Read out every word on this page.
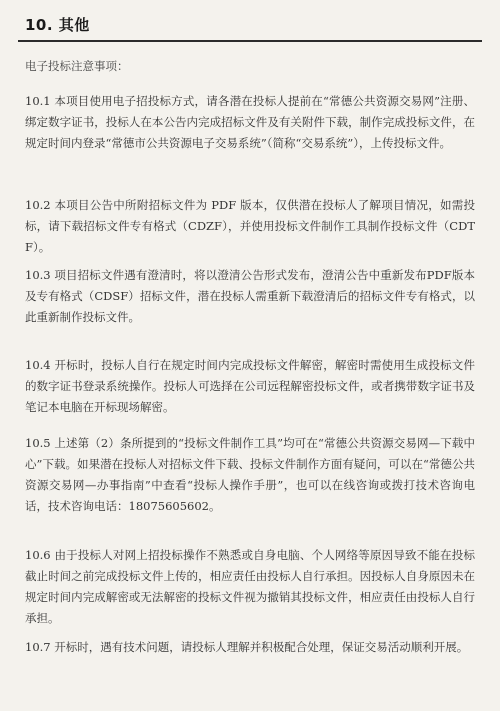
10. 其他
电子投标注意事项：
10.1 本项目使用电子招投标方式，请各潜在投标人提前在“常德公共资源交易网”注册、绑定数字证书，投标人在本公告内完成招标文件及有关附件下载，制作完成投标文件，在规定时间内登录“常德市公共资源电子交易系统”（简称“交易系统”），上传投标文件。
10.2 本项目公告中所附招标文件为 PDF 版本，仅供潜在投标人了解项目情况，如需投标，请下载招标文件专有格式（CDZF），并使用投标文件制作工具制作投标文件（CDTF）。
10.3 项目招标文件遇有澄清时，将以澄清公告形式发布，澄清公告中重新发布PDF版本及专有格式（CDSF）招标文件，潜在投标人需重新下载澄清后的招标文件专有格式，以此重新制作投标文件。
10.4 开标时，投标人自行在规定时间内完成投标文件解密，解密时需使用生成投标文件的数字证书登录系统操作。投标人可选择在公司远程解密投标文件，或者携带数字证书及笔记本电脑在开标现场解密。
10.5 上述第（2）条所提到的“投标文件制作工具”均可在“常德公共资源交易网—下载中心”下载。如果潜在投标人对招标文件下载、投标文件制作方面有疑问，可以在“常德公共资源交易网—办事指南”中查看“投标人操作手册”，也可以在线咨询或拨打技术咨询电话，技术咨询电话：18075605602。
10.6 由于投标人对网上招投标操作不熟悉或自身电脑、个人网络等原因导致不能在投标截止时间之前完成投标文件上传的，相应责任由投标人自行承担。因投标人自身原因未在规定时间内完成解密或无法解密的投标文件视为撤销其投标文件，相应责任由投标人自行承担。
10.7 开标时，遇有技术问题，请投标人理解并积极配合处理，保证交易活动顺利开展。
